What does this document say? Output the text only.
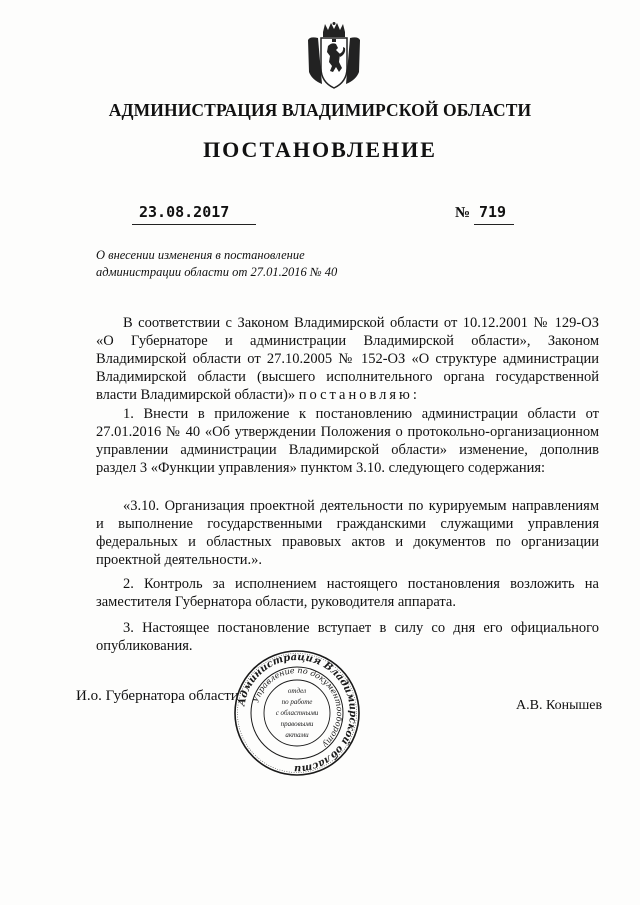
АДМИНИСТРАЦИЯ ВЛАДИМИРСКОЙ ОБЛАСТИ
ПОСТАНОВЛЕНИЕ
23.08.2017	№ 719
О внесении изменения в постановление
администрации области от 27.01.2016 № 40
В соответствии с Законом Владимирской области от 10.12.2001 № 129-ОЗ «О Губернаторе и администрации Владимирской области», Законом Владимирской области от 27.10.2005 № 152-ОЗ «О структуре администрации Владимирской области (высшего исполнительного органа государственной власти Владимирской области)» постановляю:
1. Внести в приложение к постановлению администрации области от 27.01.2016 № 40 «Об утверждении Положения о протокольно-организационном управлении администрации Владимирской области» изменение, дополнив раздел 3 «Функции управления» пунктом 3.10. следующего содержания:
«3.10. Организация проектной деятельности по курируемым направлениям и выполнение государственными гражданскими служащими управления федеральных и областных правовых актов и документов по организации проектной деятельности.».
2. Контроль за исполнением настоящего постановления возложить на заместителя Губернатора области, руководителя аппарата.
3. Настоящее постановление вступает в силу со дня его официального опубликования.
И.о. Губернатора области
А.В. Конышев
Администрация Владимирской области
Управление по документообороту
отдел
по работе
с областными
правовыми
актами
